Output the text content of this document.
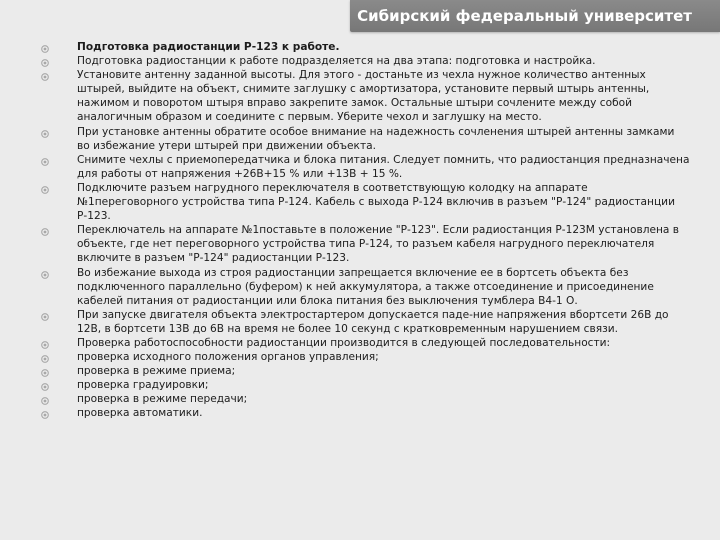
Сибирский федеральный университет

Подготовка радиостанции Р-123 к работе.

Подготовка радиостанции к работе подразделяется на два этапа: подготовка и настройка.

Установите антенну заданной высоты. Для этого - достаньте из чехла нужное количество антенных штырей, выйдите на объект, снимите заглушку с амортизатора, установите первый штырь антенны, нажимом и поворотом штыря вправо закрепите замок. Остальные штыри сочлените между собой аналогичным образом и соедините с первым. Уберите чехол и заглушку на место.

При установке антенны обратите особое внимание на надежность сочленения штырей антенны замками во избежание утери штырей при движении объекта.

Снимите чехлы с приемопередатчика и блока питания. Следует помнить, что радиостанция предназначена для работы от напряжения +26В+15 % или +13В + 15 %.

Подключите разъем нагрудного переключателя в соответствующую колодку на аппарате №1переговорного устройства типа Р-124. Кабель с выхода Р-124 включив в разъем "Р-124" радиостанции Р-123.

Переключатель на аппарате №1поставьте в положение "Р-123". Если радиостанция Р-123М установлена в объекте, где нет переговорного устройства типа Р-124, то разъем кабеля нагрудного переключателя включите в разъем "Р-124" радиостанции Р-123.

Во избежание выхода из строя радиостанции запрещается включение ее в бортсеть объекта без подключенного параллельно (буфером) к ней аккумулятора, а также отсоединение и присоединение кабелей питания от радиостанции или блока питания без выключения тумблера В4-1 О.

При запуске двигателя объекта электростартером допускается паде-ние напряжения вбортсети 26В до 12В, в бортсети 13В до 6В на время не более 10 секунд с кратковременным нарушением связи.

Проверка работоспособности радиостанции производится в следующей последовательности:

проверка исходного положения органов управления;

проверка в режиме приема;

проверка градуировки;

проверка в режиме передачи;

проверка автоматики.
